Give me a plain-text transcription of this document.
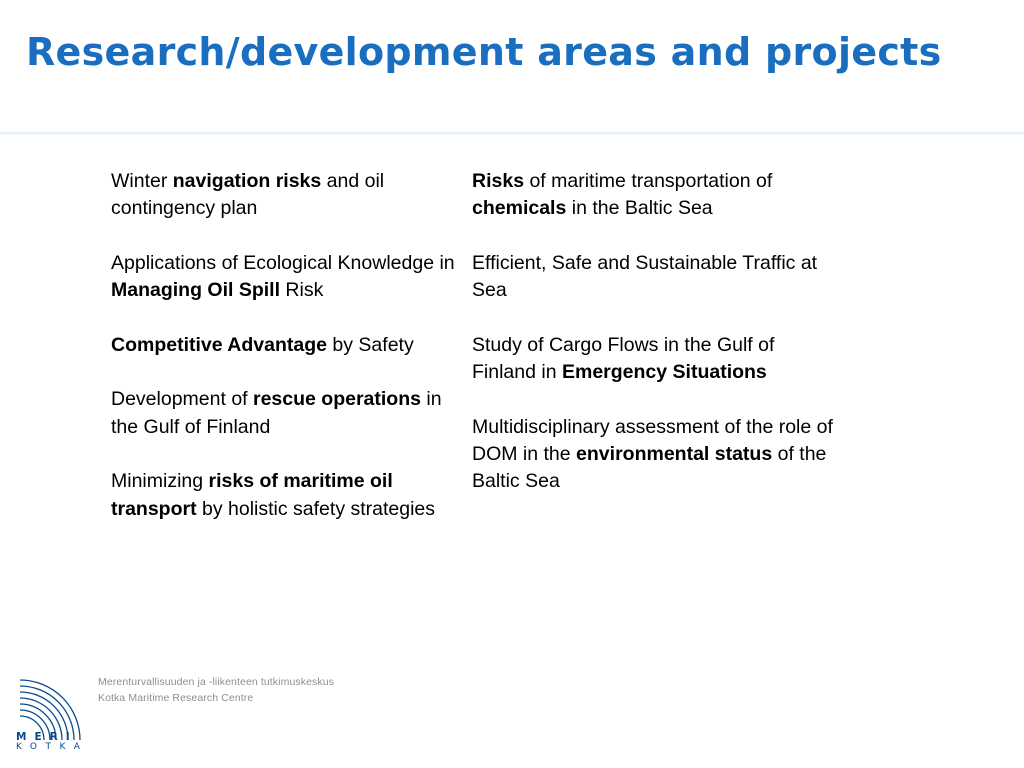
Research/development areas and projects

Winter navigation risks and oil contingency plan

Applications of Ecological Knowledge in Managing Oil Spill Risk

Competitive Advantage by Safety

Development of rescue operations in the Gulf of Finland

Minimizing risks of maritime oil transport by holistic safety strategies

Risks of maritime transportation of chemicals in the Baltic Sea

Efficient, Safe and Sustainable Traffic at Sea

Study of Cargo Flows in the Gulf of Finland in Emergency Situations

Multidisciplinary assessment of the role of DOM in the environmental status of the Baltic Sea

MERI
KOTKA
Merenturvallisuuden ja -liikenteen tutkimuskeskus
Kotka Maritime Research Centre
